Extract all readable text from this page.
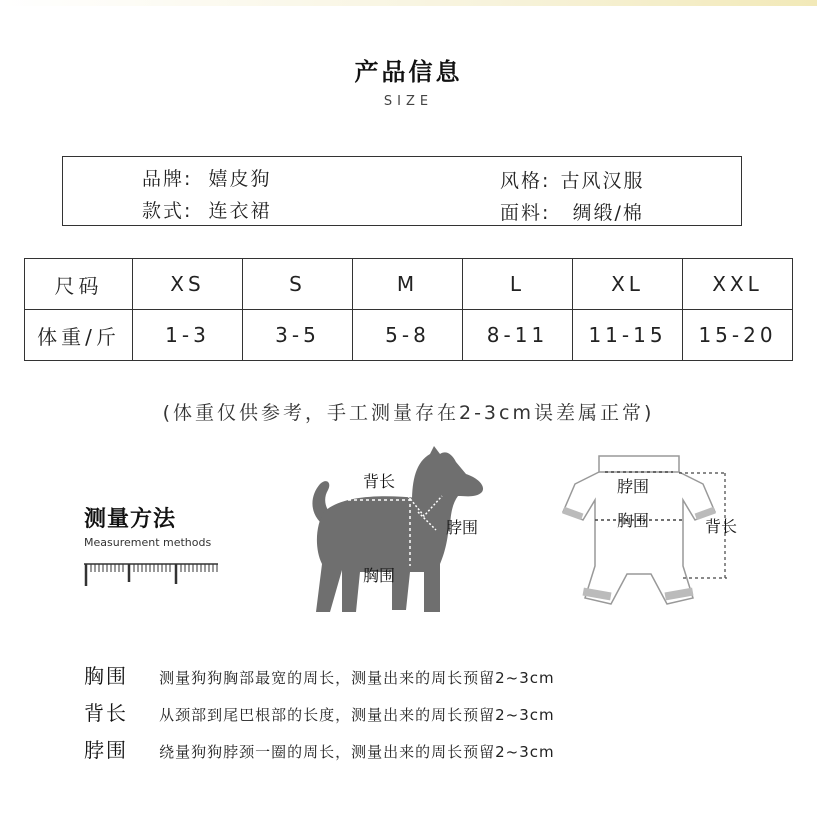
产品信息
SIZE
品牌: 嬉皮狗
款式: 连衣裙
风格: 古风汉服
面料: 绸缎/棉
尺码	XS	S	M	L	XL	XXL
体重/斤	1-3	3-5	5-8	8-11	11-15	15-20
(体重仅供参考，手工测量存在2-3cm误差属正常)
测量方法
Measurement methods
背长
脖围
胸围
脖围
胸围	背长
胸围 测量狗狗胸部最宽的周长，测量出来的周长预留2~3cm
背长 从颈部到尾巴根部的长度，测量出来的周长预留2~3cm
脖围 绕量狗狗脖颈一圈的周长，测量出来的周长预留2~3cm
